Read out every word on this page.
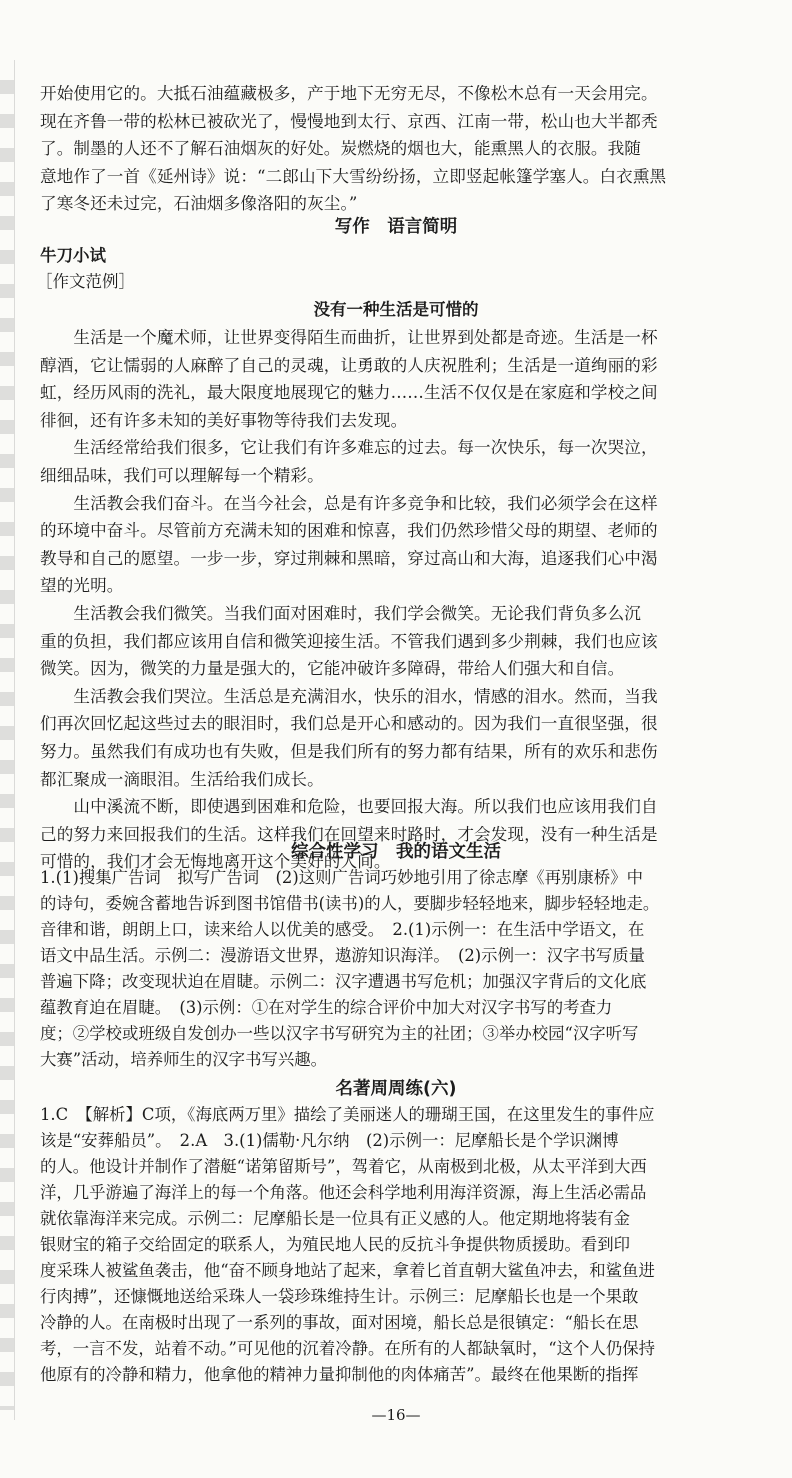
开始使用它的。大抵石油蕴藏极多，产于地下无穷无尽，不像松木总有一天会用完。
现在齐鲁一带的松林已被砍光了，慢慢地到太行、京西、江南一带，松山也大半都秃
了。制墨的人还不了解石油烟灰的好处。炭燃烧的烟也大，能熏黑人的衣服。我随
意地作了一首《延州诗》说：“二郎山下大雪纷纷扬，立即竖起帐篷学塞人。白衣熏黑
了寒冬还未过完，石油烟多像洛阳的灰尘。”
写作　语言简明
牛刀小试
［作文范例］
没有一种生活是可惜的
　　生活是一个魔术师，让世界变得陌生而曲折，让世界到处都是奇迹。生活是一杯
醇酒，它让懦弱的人麻醉了自己的灵魂，让勇敢的人庆祝胜利；生活是一道绚丽的彩
虹，经历风雨的洗礼，最大限度地展现它的魅力……生活不仅仅是在家庭和学校之间
徘徊，还有许多未知的美好事物等待我们去发现。
　　生活经常给我们很多，它让我们有许多难忘的过去。每一次快乐，每一次哭泣，
细细品味，我们可以理解每一个精彩。
　　生活教会我们奋斗。在当今社会，总是有许多竞争和比较，我们必须学会在这样
的环境中奋斗。尽管前方充满未知的困难和惊喜，我们仍然珍惜父母的期望、老师的
教导和自己的愿望。一步一步，穿过荆棘和黑暗，穿过高山和大海，追逐我们心中渴
望的光明。
　　生活教会我们微笑。当我们面对困难时，我们学会微笑。无论我们背负多么沉
重的负担，我们都应该用自信和微笑迎接生活。不管我们遇到多少荆棘，我们也应该
微笑。因为，微笑的力量是强大的，它能冲破许多障碍，带给人们强大和自信。
　　生活教会我们哭泣。生活总是充满泪水，快乐的泪水，情感的泪水。然而，当我
们再次回忆起这些过去的眼泪时，我们总是开心和感动的。因为我们一直很坚强，很
努力。虽然我们有成功也有失败，但是我们所有的努力都有结果，所有的欢乐和悲伤
都汇聚成一滴眼泪。生活给我们成长。
　　山中溪流不断，即使遇到困难和危险，也要回报大海。所以我们也应该用我们自
己的努力来回报我们的生活。这样我们在回望来时路时，才会发现，没有一种生活是
可惜的，我们才会无悔地离开这个美好的人间。
综合性学习　我的语文生活
1.(1)搜集广告词　拟写广告词　(2)这则广告词巧妙地引用了徐志摩《再别康桥》中
的诗句，委婉含蓄地告诉到图书馆借书(读书)的人，要脚步轻轻地来，脚步轻轻地走。
音律和谐，朗朗上口，读来给人以优美的感受。　2.(1)示例一：在生活中学语文，在
语文中品生活。示例二：漫游语文世界，遨游知识海洋。　(2)示例一：汉字书写质量
普遍下降；改变现状迫在眉睫。示例二：汉字遭遇书写危机；加强汉字背后的文化底
蕴教育迫在眉睫。　(3)示例：①在对学生的综合评价中加大对汉字书写的考查力
度；②学校或班级自发创办一些以汉字书写研究为主的社团；③举办校园“汉字听写
大赛”活动，培养师生的汉字书写兴趣。
名著周周练(六)
1.C　【解析】C项，《海底两万里》描绘了美丽迷人的珊瑚王国，在这里发生的事件应
该是“安葬船员”。　2.A　3.(1)儒勒·凡尔纳　(2)示例一：尼摩船长是个学识渊博
的人。他设计并制作了潜艇“诺第留斯号”，驾着它，从南极到北极，从太平洋到大西
洋，几乎游遍了海洋上的每一个角落。他还会科学地利用海洋资源，海上生活必需品
就依靠海洋来完成。示例二：尼摩船长是一位具有正义感的人。他定期地将装有金
银财宝的箱子交给固定的联系人，为殖民地人民的反抗斗争提供物质援助。看到印
度采珠人被鲨鱼袭击，他“奋不顾身地站了起来，拿着匕首直朝大鲨鱼冲去，和鲨鱼进
行肉搏”，还慷慨地送给采珠人一袋珍珠维持生计。示例三：尼摩船长也是一个果敢
冷静的人。在南极时出现了一系列的事故，面对困境，船长总是很镇定：“船长在思
考，一言不发，站着不动。”可见他的沉着冷静。在所有的人都缺氧时，“这个人仍保持
他原有的冷静和精力，他拿他的精神力量抑制他的肉体痛苦”。最终在他果断的指挥
—16—
